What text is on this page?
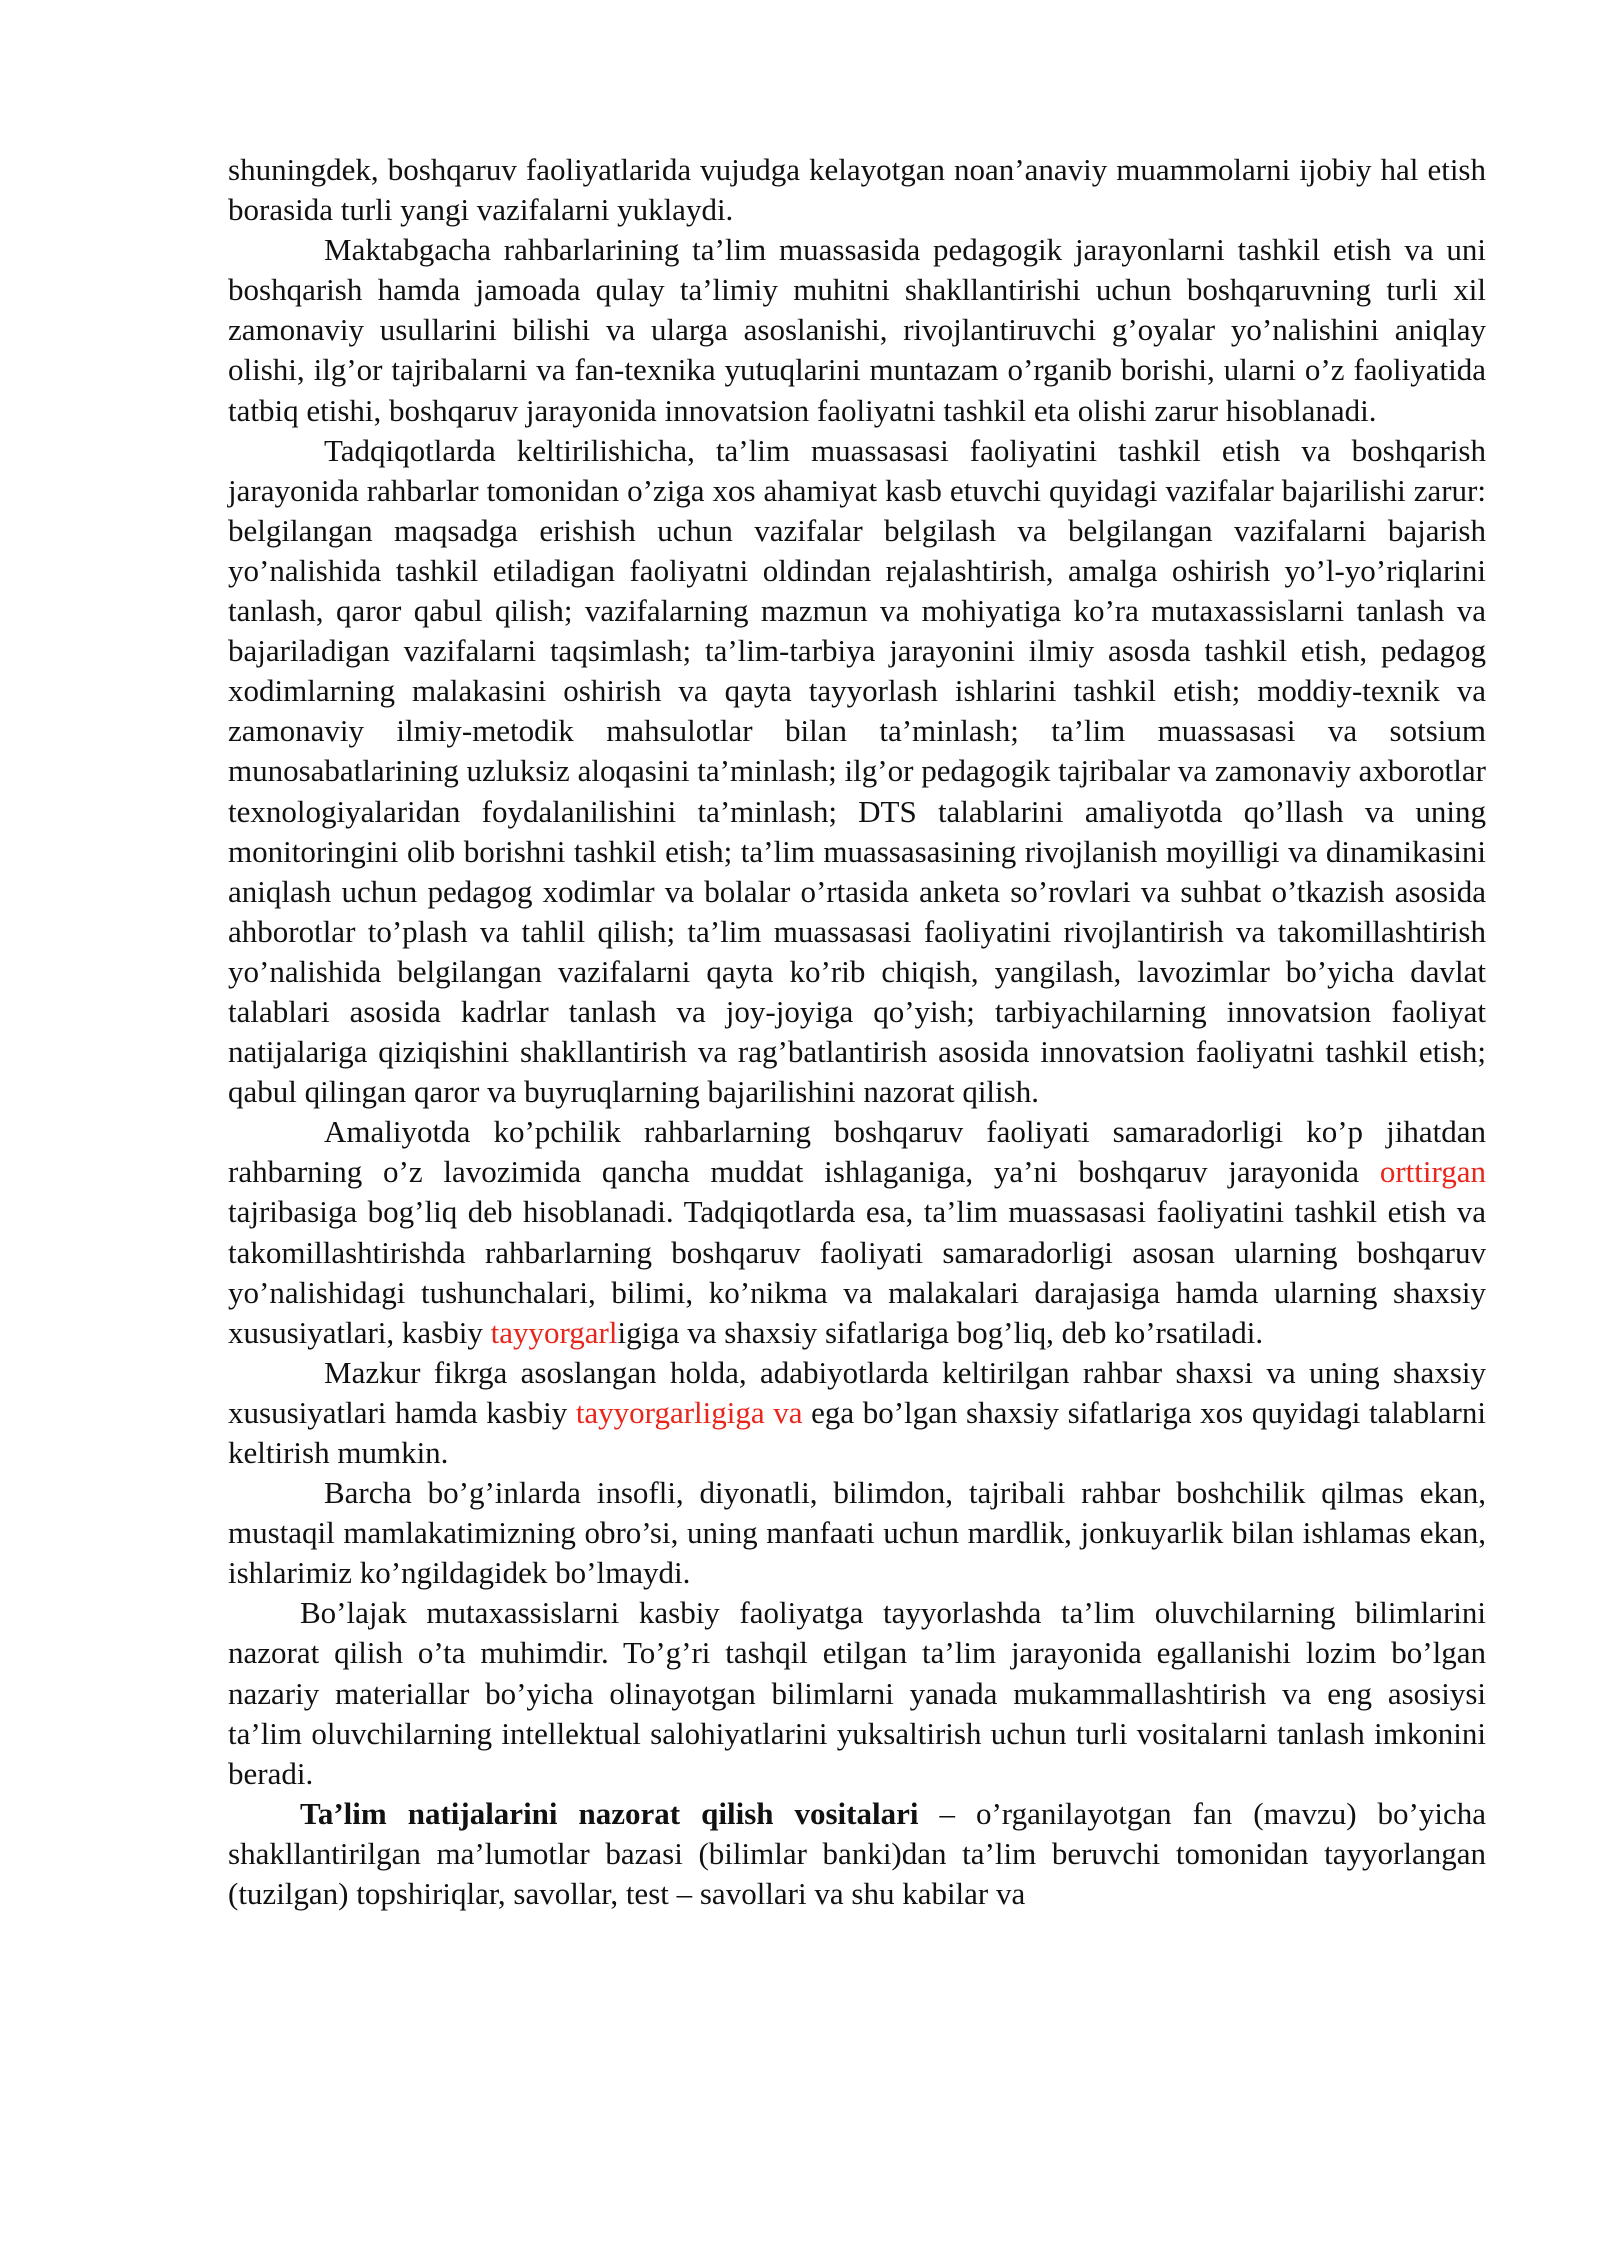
shuningdek, boshqaruv faoliyatlarida vujudga kelayotgan noan’anaviy muammolarni ijobiy hal etish borasida turli yangi vazifalarni yuklaydi.

Maktabgacha rahbarlarining ta’lim muassasida pedagogik jarayonlarni tashkil etish va uni boshqarish hamda jamoada qulay ta’limiy muhitni shakllantirishi uchun boshqaruvning turli xil zamonaviy usullarini bilishi va ularga asoslanishi, rivojlantiruvchi g’oyalar yo’nalishini aniqlay olishi, ilg’or tajribalarni va fan-texnika yutuqlarini muntazam o’rganib borishi, ularni o’z faoliyatida tatbiq etishi, boshqaruv jarayonida innovatsion faoliyatni tashkil eta olishi zarur hisoblanadi.

Tadqiqotlarda keltirilishicha, ta’lim muassasasi faoliyatini tashkil etish va boshqarish jarayonida rahbarlar tomonidan o’ziga xos ahamiyat kasb etuvchi quyidagi vazifalar bajarilishi zarur: belgilangan maqsadga erishish uchun vazifalar belgilash va belgilangan vazifalarni bajarish yo’nalishida tashkil etiladigan faoliyatni oldindan rejalashtirish, amalga oshirish yo’l-yo’riqlarini tanlash, qaror qabul qilish; vazifalarning mazmun va mohiyatiga ko’ra mutaxassislarni tanlash va bajariladigan vazifalarni taqsimlash; ta’lim-tarbiya jarayonini ilmiy asosda tashkil etish, pedagog xodimlarning malakasini oshirish va qayta tayyorlash ishlarini tashkil etish; moddiy-texnik va zamonaviy ilmiy-metodik mahsulotlar bilan ta’minlash; ta’lim muassasasi va sotsium munosabatlarining uzluksiz aloqasini ta’minlash; ilg’or pedagogik tajribalar va zamonaviy axborotlar texnologiyalaridan foydalanilishini ta’minlash; DTS talablarini amaliyotda qo’llash va uning monitoringini olib borishni tashkil etish; ta’lim muassasasining rivojlanish moyilligi va dinamikasini aniqlash uchun pedagog xodimlar va bolalar o’rtasida anketa so’rovlari va suhbat o’tkazish asosida ahborotlar to’plash va tahlil qilish; ta’lim muassasasi faoliyatini rivojlantirish va takomillashtirish yo’nalishida belgilangan vazifalarni qayta ko’rib chiqish, yangilash, lavozimlar bo’yicha davlat talablari asosida kadrlar tanlash va joy-joyiga qo’yish; tarbiyachilarning innovatsion faoliyat natijalariga qiziqishini shakllantirish va rag’batlantirish asosida innovatsion faoliyatni tashkil etish; qabul qilingan qaror va buyruqlarning bajarilishini nazorat qilish.

Amaliyotda ko’pchilik rahbarlarning boshqaruv faoliyati samaradorligi ko’p jihatdan rahbarning o’z lavozimida qancha muddat ishlaganiga, ya’ni boshqaruv jarayonida orttirgan tajribasiga bog’liq deb hisoblanadi. Tadqiqotlarda esa, ta’lim muassasasi faoliyatini tashkil etish va takomillashtirishda rahbarlarning boshqaruv faoliyati samaradorligi asosan ularning boshqaruv yo’nalishidagi tushunchalari, bilimi, ko’nikma va malakalari darajasiga hamda ularning shaxsiy xususiyatlari, kasbiy tayyorgarligiga va shaxsiy sifatlariga bog’liq, deb ko’rsatiladi.

Mazkur fikrga asoslangan holda, adabiyotlarda keltirilgan rahbar shaxsi va uning shaxsiy xususiyatlari hamda kasbiy tayyorgarligiga va ega bo’lgan shaxsiy sifatlariga xos quyidagi talablarni keltirish mumkin.

Barcha bo’g’inlarda insofli, diyonatli, bilimdon, tajribali rahbar boshchilik qilmas ekan, mustaqil mamlakatimizning obro’si, uning manfaati uchun mardlik, jonkuyarlik bilan ishlamas ekan, ishlarimiz ko’ngildagidek bo’lmaydi.

Bo’lajak mutaxassislarni kasbiy faoliyatga tayyorlashda ta’lim oluvchilarning bilimlarini nazorat qilish o’ta muhimdir. To’g’ri tashqil etilgan ta’lim jarayonida egallanishi lozim bo’lgan nazariy materiallar bo’yicha olinayotgan bilimlarni yanada mukammallashtirish va eng asosiysi ta’lim oluvchilarning intellektual salohiyatlarini yuksaltirish uchun turli vositalarni tanlash imkonini beradi.

Ta’lim natijalarini nazorat qilish vositalari – o’rganilayotgan fan (mavzu) bo’yicha shakllantirilgan ma’lumotlar bazasi (bilimlar banki)dan ta’lim beruvchi tomonidan tayyorlangan (tuzilgan) topshiriqlar, savollar, test – savollari va shu kabilar va
